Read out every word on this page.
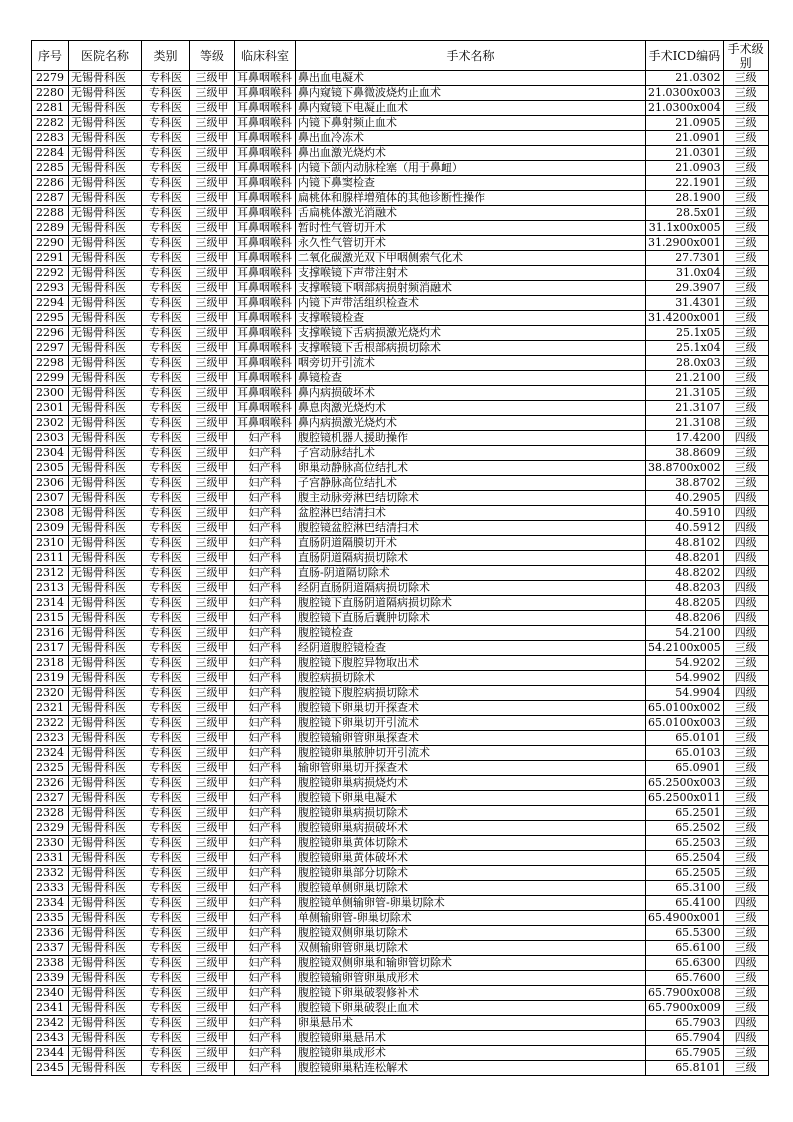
序号	医院名称	类别	等级	临床科室	手术名称	手术ICD编码	手术级别
2279	无锡骨科医	专科医	三级甲	耳鼻咽喉科	鼻出血电凝术	21.0302	三级
2280	无锡骨科医	专科医	三级甲	耳鼻咽喉科	鼻内窥镜下鼻微波烧灼止血术	21.0300x003	三级
2281	无锡骨科医	专科医	三级甲	耳鼻咽喉科	鼻内窥镜下电凝止血术	21.0300x004	三级
2282	无锡骨科医	专科医	三级甲	耳鼻咽喉科	内镜下鼻射频止血术	21.0905	三级
2283	无锡骨科医	专科医	三级甲	耳鼻咽喉科	鼻出血冷冻术	21.0901	三级
2284	无锡骨科医	专科医	三级甲	耳鼻咽喉科	鼻出血激光烧灼术	21.0301	三级
2285	无锡骨科医	专科医	三级甲	耳鼻咽喉科	内镜下颌内动脉栓塞（用于鼻衄）	21.0903	三级
2286	无锡骨科医	专科医	三级甲	耳鼻咽喉科	内镜下鼻窦检查	22.1901	三级
2287	无锡骨科医	专科医	三级甲	耳鼻咽喉科	扁桃体和腺样增殖体的其他诊断性操作	28.1900	三级
2288	无锡骨科医	专科医	三级甲	耳鼻咽喉科	舌扁桃体激光消融术	28.5x01	三级
2289	无锡骨科医	专科医	三级甲	耳鼻咽喉科	暂时性气管切开术	31.1x00x005	三级
2290	无锡骨科医	专科医	三级甲	耳鼻咽喉科	永久性气管切开术	31.2900x001	三级
2291	无锡骨科医	专科医	三级甲	耳鼻咽喉科	二氧化碳激光双下甲咽侧索气化术	27.7301	三级
2292	无锡骨科医	专科医	三级甲	耳鼻咽喉科	支撑喉镜下声带注射术	31.0x04	三级
2293	无锡骨科医	专科医	三级甲	耳鼻咽喉科	支撑喉镜下咽部病损射频消融术	29.3907	三级
2294	无锡骨科医	专科医	三级甲	耳鼻咽喉科	内镜下声带活组织检查术	31.4301	三级
2295	无锡骨科医	专科医	三级甲	耳鼻咽喉科	支撑喉镜检查	31.4200x001	三级
2296	无锡骨科医	专科医	三级甲	耳鼻咽喉科	支撑喉镜下舌病损激光烧灼术	25.1x05	三级
2297	无锡骨科医	专科医	三级甲	耳鼻咽喉科	支撑喉镜下舌根部病损切除术	25.1x04	三级
2298	无锡骨科医	专科医	三级甲	耳鼻咽喉科	咽旁切开引流术	28.0x03	三级
2299	无锡骨科医	专科医	三级甲	耳鼻咽喉科	鼻镜检查	21.2100	三级
2300	无锡骨科医	专科医	三级甲	耳鼻咽喉科	鼻内病损破坏术	21.3105	三级
2301	无锡骨科医	专科医	三级甲	耳鼻咽喉科	鼻息肉激光烧灼术	21.3107	三级
2302	无锡骨科医	专科医	三级甲	耳鼻咽喉科	鼻内病损激光烧灼术	21.3108	三级
2303	无锡骨科医	专科医	三级甲	妇产科	腹腔镜机器人援助操作	17.4200	四级
2304	无锡骨科医	专科医	三级甲	妇产科	子宫动脉结扎术	38.8609	三级
2305	无锡骨科医	专科医	三级甲	妇产科	卵巢动静脉高位结扎术	38.8700x002	三级
2306	无锡骨科医	专科医	三级甲	妇产科	子宫静脉高位结扎术	38.8702	三级
2307	无锡骨科医	专科医	三级甲	妇产科	腹主动脉旁淋巴结切除术	40.2905	四级
2308	无锡骨科医	专科医	三级甲	妇产科	盆腔淋巴结清扫术	40.5910	四级
2309	无锡骨科医	专科医	三级甲	妇产科	腹腔镜盆腔淋巴结清扫术	40.5912	四级
2310	无锡骨科医	专科医	三级甲	妇产科	直肠阴道隔膜切开术	48.8102	四级
2311	无锡骨科医	专科医	三级甲	妇产科	直肠阴道隔病损切除术	48.8201	四级
2312	无锡骨科医	专科医	三级甲	妇产科	直肠-阴道隔切除术	48.8202	四级
2313	无锡骨科医	专科医	三级甲	妇产科	经阴直肠阴道隔病损切除术	48.8203	四级
2314	无锡骨科医	专科医	三级甲	妇产科	腹腔镜下直肠阴道隔病损切除术	48.8205	四级
2315	无锡骨科医	专科医	三级甲	妇产科	腹腔镜下直肠后囊肿切除术	48.8206	四级
2316	无锡骨科医	专科医	三级甲	妇产科	腹腔镜检查	54.2100	四级
2317	无锡骨科医	专科医	三级甲	妇产科	经阴道腹腔镜检查	54.2100x005	三级
2318	无锡骨科医	专科医	三级甲	妇产科	腹腔镜下腹腔异物取出术	54.9202	三级
2319	无锡骨科医	专科医	三级甲	妇产科	腹腔病损切除术	54.9902	四级
2320	无锡骨科医	专科医	三级甲	妇产科	腹腔镜下腹腔病损切除术	54.9904	四级
2321	无锡骨科医	专科医	三级甲	妇产科	腹腔镜下卵巢切开探查术	65.0100x002	三级
2322	无锡骨科医	专科医	三级甲	妇产科	腹腔镜下卵巢切开引流术	65.0100x003	三级
2323	无锡骨科医	专科医	三级甲	妇产科	腹腔镜输卵管卵巢探查术	65.0101	三级
2324	无锡骨科医	专科医	三级甲	妇产科	腹腔镜卵巢脓肿切开引流术	65.0103	三级
2325	无锡骨科医	专科医	三级甲	妇产科	输卵管卵巢切开探查术	65.0901	三级
2326	无锡骨科医	专科医	三级甲	妇产科	腹腔镜卵巢病损烧灼术	65.2500x003	三级
2327	无锡骨科医	专科医	三级甲	妇产科	腹腔镜下卵巢电凝术	65.2500x011	三级
2328	无锡骨科医	专科医	三级甲	妇产科	腹腔镜卵巢病损切除术	65.2501	三级
2329	无锡骨科医	专科医	三级甲	妇产科	腹腔镜卵巢病损破坏术	65.2502	三级
2330	无锡骨科医	专科医	三级甲	妇产科	腹腔镜卵巢黄体切除术	65.2503	三级
2331	无锡骨科医	专科医	三级甲	妇产科	腹腔镜卵巢黄体破坏术	65.2504	三级
2332	无锡骨科医	专科医	三级甲	妇产科	腹腔镜卵巢部分切除术	65.2505	三级
2333	无锡骨科医	专科医	三级甲	妇产科	腹腔镜单侧卵巢切除术	65.3100	三级
2334	无锡骨科医	专科医	三级甲	妇产科	腹腔镜单侧输卵管-卵巢切除术	65.4100	四级
2335	无锡骨科医	专科医	三级甲	妇产科	单侧输卵管-卵巢切除术	65.4900x001	三级
2336	无锡骨科医	专科医	三级甲	妇产科	腹腔镜双侧卵巢切除术	65.5300	三级
2337	无锡骨科医	专科医	三级甲	妇产科	双侧输卵管卵巢切除术	65.6100	三级
2338	无锡骨科医	专科医	三级甲	妇产科	腹腔镜双侧卵巢和输卵管切除术	65.6300	四级
2339	无锡骨科医	专科医	三级甲	妇产科	腹腔镜输卵管卵巢成形术	65.7600	三级
2340	无锡骨科医	专科医	三级甲	妇产科	腹腔镜下卵巢破裂修补术	65.7900x008	三级
2341	无锡骨科医	专科医	三级甲	妇产科	腹腔镜下卵巢破裂止血术	65.7900x009	三级
2342	无锡骨科医	专科医	三级甲	妇产科	卵巢悬吊术	65.7903	四级
2343	无锡骨科医	专科医	三级甲	妇产科	腹腔镜卵巢悬吊术	65.7904	四级
2344	无锡骨科医	专科医	三级甲	妇产科	腹腔镜卵巢成形术	65.7905	三级
2345	无锡骨科医	专科医	三级甲	妇产科	腹腔镜卵巢粘连松解术	65.8101	三级
